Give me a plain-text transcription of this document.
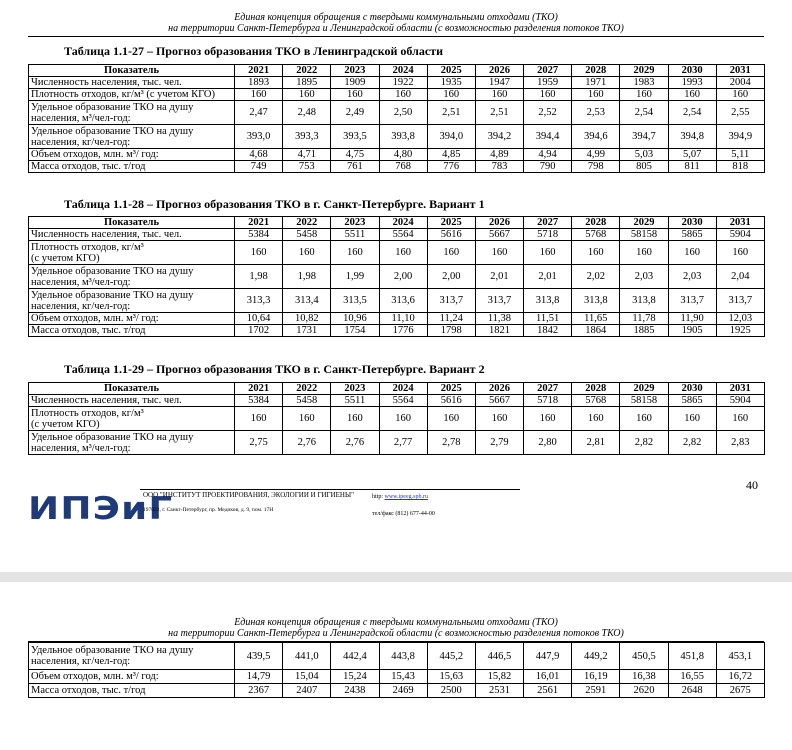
Единая концепция обращения с твердыми коммунальными отходами (ТКО)
на территории Санкт-Петербурга и Ленинградской области (с возможностью разделения потоков ТКО)
Таблица 1.1-27 – Прогноз образования ТКО в Ленинградской области
Показатель	2021	2022	2023	2024	2025	2026	2027	2028	2029	2030	2031
Численность населения, тыс. чел.	1893	1895	1909	1922	1935	1947	1959	1971	1983	1993	2004
Плотность отходов, кг/м³ (с учетом КГО)	160	160	160	160	160	160	160	160	160	160	160
Удельное образование ТКО на душу
населения, м³/чел-год:	2,47	2,48	2,49	2,50	2,51	2,51	2,52	2,53	2,54	2,54	2,55
Удельное образование ТКО на душу
населения, кг/чел-год:	393,0	393,3	393,5	393,8	394,0	394,2	394,4	394,6	394,7	394,8	394,9
Объем отходов, млн. м³/ год:	4,68	4,71	4,75	4,80	4,85	4,89	4,94	4,99	5,03	5,07	5,11
Масса отходов, тыс. т/год	749	753	761	768	776	783	790	798	805	811	818
Таблица 1.1-28 – Прогноз образования ТКО в г. Санкт-Петербурге. Вариант 1
Показатель	2021	2022	2023	2024	2025	2026	2027	2028	2029	2030	2031
Численность населения, тыс. чел.	5384	5458	5511	5564	5616	5667	5718	5768	58158	5865	5904
Плотность отходов, кг/м³
(с учетом КГО)	160	160	160	160	160	160	160	160	160	160	160
Удельное образование ТКО на душу
населения, м³/чел-год:	1,98	1,98	1,99	2,00	2,00	2,01	2,01	2,02	2,03	2,03	2,04
Удельное образование ТКО на душу
населения, кг/чел-год:	313,3	313,4	313,5	313,6	313,7	313,7	313,8	313,8	313,8	313,7	313,7
Объем отходов, млн. м³/ год:	10,64	10,82	10,96	11,10	11,24	11,38	11,51	11,65	11,78	11,90	12,03
Масса отходов, тыс. т/год	1702	1731	1754	1776	1798	1821	1842	1864	1885	1905	1925
Таблица 1.1-29 – Прогноз образования ТКО в г. Санкт-Петербурге. Вариант 2
Показатель	2021	2022	2023	2024	2025	2026	2027	2028	2029	2030	2031
Численность населения, тыс. чел.	5384	5458	5511	5564	5616	5667	5718	5768	58158	5865	5904
Плотность отходов, кг/м³
(с учетом КГО)	160	160	160	160	160	160	160	160	160	160	160
Удельное образование ТКО на душу
населения, м³/чел-год:	2,75	2,76	2,76	2,77	2,78	2,79	2,80	2,81	2,82	2,82	2,83
40
ИПЭиГ
ООО "ИНСТИТУТ ПРОЕКТИРОВАНИЯ, ЭКОЛОГИИ И ГИГИЕНЫ"
197022, г. Санкт-Петербург, пр. Медиков, д. 9, пом. 17Н
http: www.ipeeg.spb.ru
тел/факс (812) 677-44-00
Единая концепция обращения с твердыми коммунальными отходами (ТКО)
на территории Санкт-Петербурга и Ленинградской области (с возможностью разделения потоков ТКО)
Удельное образование ТКО на душу
населения, кг/чел-год:	439,5	441,0	442,4	443,8	445,2	446,5	447,9	449,2	450,5	451,8	453,1
Объем отходов, млн. м³/ год:	14,79	15,04	15,24	15,43	15,63	15,82	16,01	16,19	16,38	16,55	16,72
Масса отходов, тыс. т/год	2367	2407	2438	2469	2500	2531	2561	2591	2620	2648	2675
